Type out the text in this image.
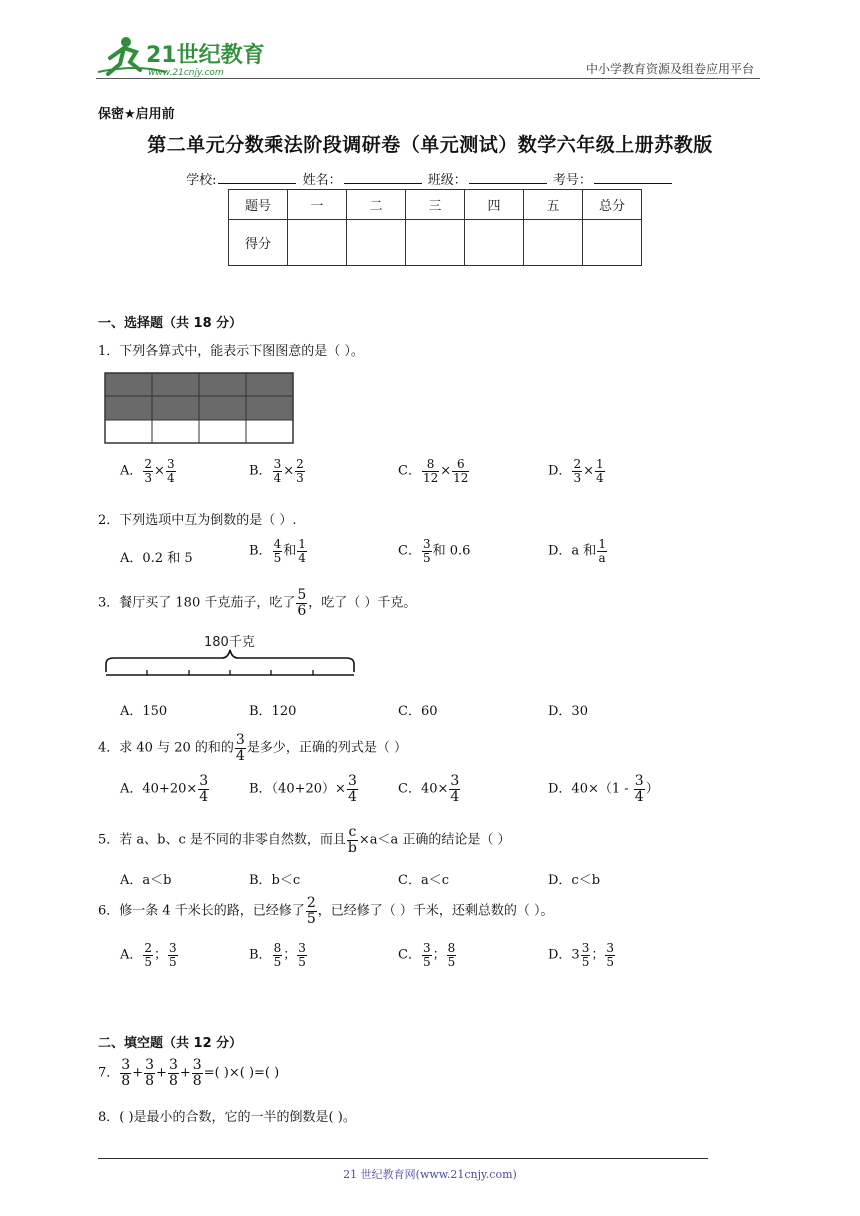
21世纪教育
www.21cnjy.com	中小学教育资源及组卷应用平台
保密★启用前
第二单元分数乘法阶段调研卷（单元测试）数学六年级上册苏教版
学校:	姓名：	班级：	考号：
题号	一	二	三	四	五	总分
得分						
一、选择题（共 18 分）
1．下列各算式中，能表示下图图意的是（ ）。
A． $\frac{2}{3} \times \frac{3}{4}$	B． $\frac{3}{4} \times \frac{2}{3}$	C． $\frac{8}{12} \times \frac{6}{12}$	D． $\frac{2}{3} \times \frac{1}{4}$
2．下列选项中互为倒数的是（ ）.
A．0.2 和 5	B． $\frac{4}{5}$ 和 $\frac{1}{4}$	C． $\frac{3}{5}$ 和 0.6	D．a 和 $\frac{1}{a}$
3．餐厅买了 180 千克茄子，吃了 $\frac{5}{6}$ ，吃了（ ）千克。
180千克
A．150	B．120	C．60	D．30
4．求 40 与 20 的和的 $\frac{3}{4}$ 是多少，正确的列式是（ ）
A．$40+20\times \frac{3}{4}$	B．$(40+20)\times \frac{3}{4}$	C．$40\times \frac{3}{4}$	D．$40\times(1 - \frac{3}{4}$ ）
5．若 a、b、c 是不同的非零自然数，而且 $\frac{c}{b} \times a<a$ 正确的结论是（ ）
A．a＜b	B．b＜c	C．a＜c	D．c＜b
6．修一条 4 千米长的路，已经修了 $\frac{2}{5}$ ，已经修了（ ）千米，还剩总数的（ ）。
A． $\frac{2}{5}$ ； $\frac{3}{5}$	B． $\frac{8}{5}$ ； $\frac{3}{5}$	C． $\frac{3}{5}$ ； $\frac{8}{5}$	D．$3 \frac{3}{5}$ ； $\frac{3}{5}$
二、填空题（共 12 分）
7． $\frac{3}{8} + \frac{3}{8} + \frac{3}{8} + \frac{3}{8}$ =( )×( )=( )
8．( )是最小的合数，它的一半的倒数是( )。
21 世纪教育网(www.21cnjy.com)
